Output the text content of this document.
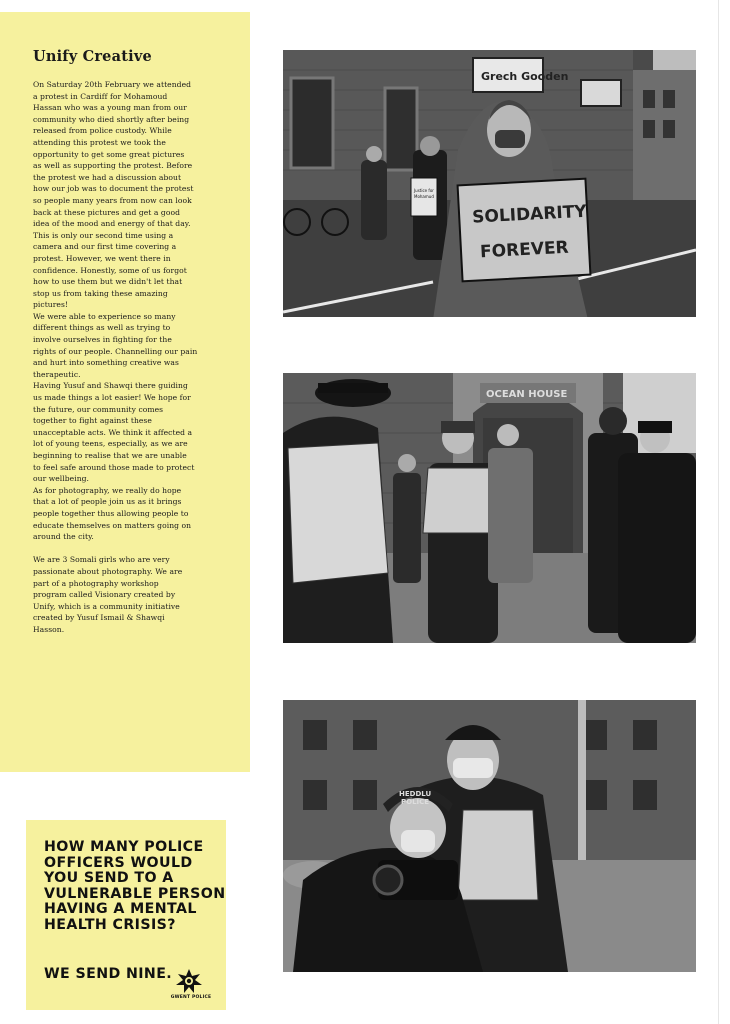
Unify Creative

On Saturday 20th February we attended
a protest in Cardiff for Mohamoud
Hassan who was a young man from our
community who died shortly after being
released from police custody. While
attending this protest we took the
opportunity to get some great pictures
as well as supporting the protest. Before
the protest we had a discussion about
how our job was to document the protest
so people many years from now can look
back at these pictures and get a good
idea of the mood and energy of that day.
This is only our second time using a
camera and our first time covering a
protest. However, we went there in
confidence. Honestly, some of us forgot
how to use them but we didn't let that
stop us from taking these amazing
pictures!

We were able to experience so many
different things as well as trying to
involve ourselves in fighting for the
rights of our people. Channelling our pain
and hurt into something creative was
therapeutic.

Having Yusuf and Shawqi there guiding
us made things a lot easier! We hope for
the future, our community comes
together to fight against these
unacceptable acts. We think it affected a
lot of young teens, especially, as we are
beginning to realise that we are unable
to feel safe around those made to protect
our wellbeing.

As for photography, we really do hope
that a lot of people join us as it brings
people together thus allowing people to
educate themselves on matters going on
around the city.

We are 3 Somali girls who are very
passionate about photography. We are
part of a photography workshop
program called Visionary created by
Unify, which is a community initiative
created by Yusuf Ismail & Shawqi
Hasson.

HOW MANY POLICE
OFFICERS WOULD
YOU SEND TO A
VULNERABLE PERSON
HAVING A MENTAL
HEALTH CRISIS?

WE SEND NINE.
GWENT POLICE
SOLIDARITY
FOREVER
Grech Gooden
Justice for
Mohamud
OCEAN HOUSE
HEDDLU
POLICE
